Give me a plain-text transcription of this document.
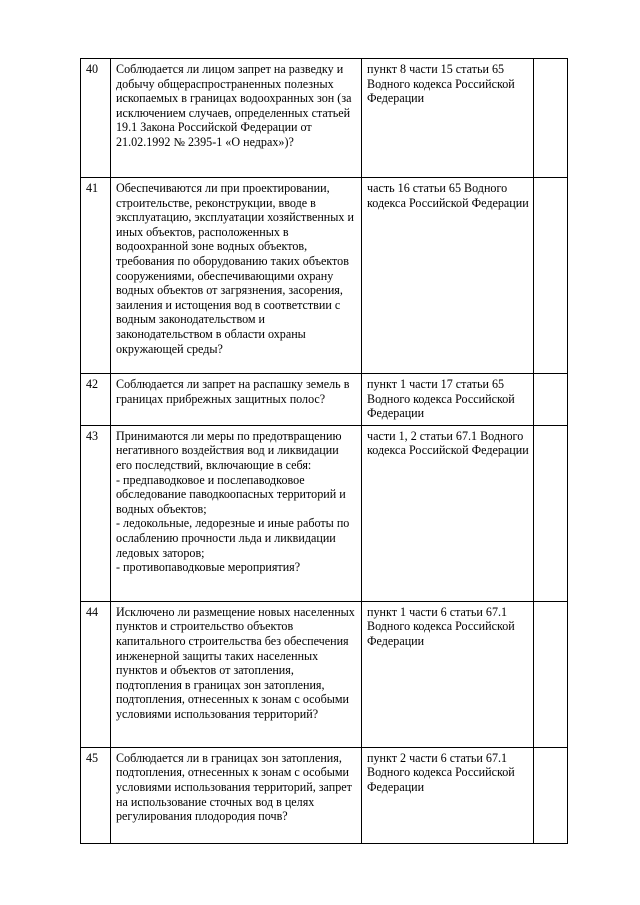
40	Соблюдается ли лицом запрет на разведку и добычу общераспространенных полезных ископаемых в границах водоохранных зон (за исключением случаев, определенных статьей 19.1 Закона Российской Федерации от 21.02.1992 № 2395-1 «О недрах»)?	пункт 8 части 15 статьи 65 Водного кодекса Российской Федерации	
41	Обеспечиваются ли при проектировании, строительстве, реконструкции, вводе в эксплуатацию, эксплуатации хозяйственных и иных объектов, расположенных в водоохранной зоне водных объектов, требования по оборудованию таких объектов сооружениями, обеспечивающими охрану водных объектов от загрязнения, засорения, заиления и истощения вод в соответствии с водным законодательством и законодательством в области охраны окружающей среды?	часть 16 статьи 65 Водного кодекса Российской Федерации	
42	Соблюдается ли запрет на распашку земель в границах прибрежных защитных полос?	пункт 1 части 17 статьи 65 Водного кодекса Российской Федерации	
43	Принимаются ли меры по предотвращению негативного воздействия вод и ликвидации его последствий, включающие в себя:
- предпаводковое и послепаводковое обследование паводкоопасных территорий и водных объектов;
- ледокольные, ледорезные и иные работы по ослаблению прочности льда и ликвидации ледовых заторов;
- противопаводковые мероприятия?	части 1, 2 статьи 67.1 Водного кодекса Российской Федерации	
44	Исключено ли размещение новых населенных пунктов и строительство объектов капитального строительства без обеспечения инженерной защиты таких населенных пунктов и объектов от затопления, подтопления в границах зон затопления, подтопления, отнесенных к зонам с особыми условиями использования территорий?	пункт 1 части 6 статьи 67.1 Водного кодекса Российской Федерации	
45	Соблюдается ли в границах зон затопления, подтопления, отнесенных к зонам с особыми условиями использования территорий, запрет на использование сточных вод в целях регулирования плодородия почв?	пункт 2 части 6 статьи 67.1 Водного кодекса Российской Федерации	
